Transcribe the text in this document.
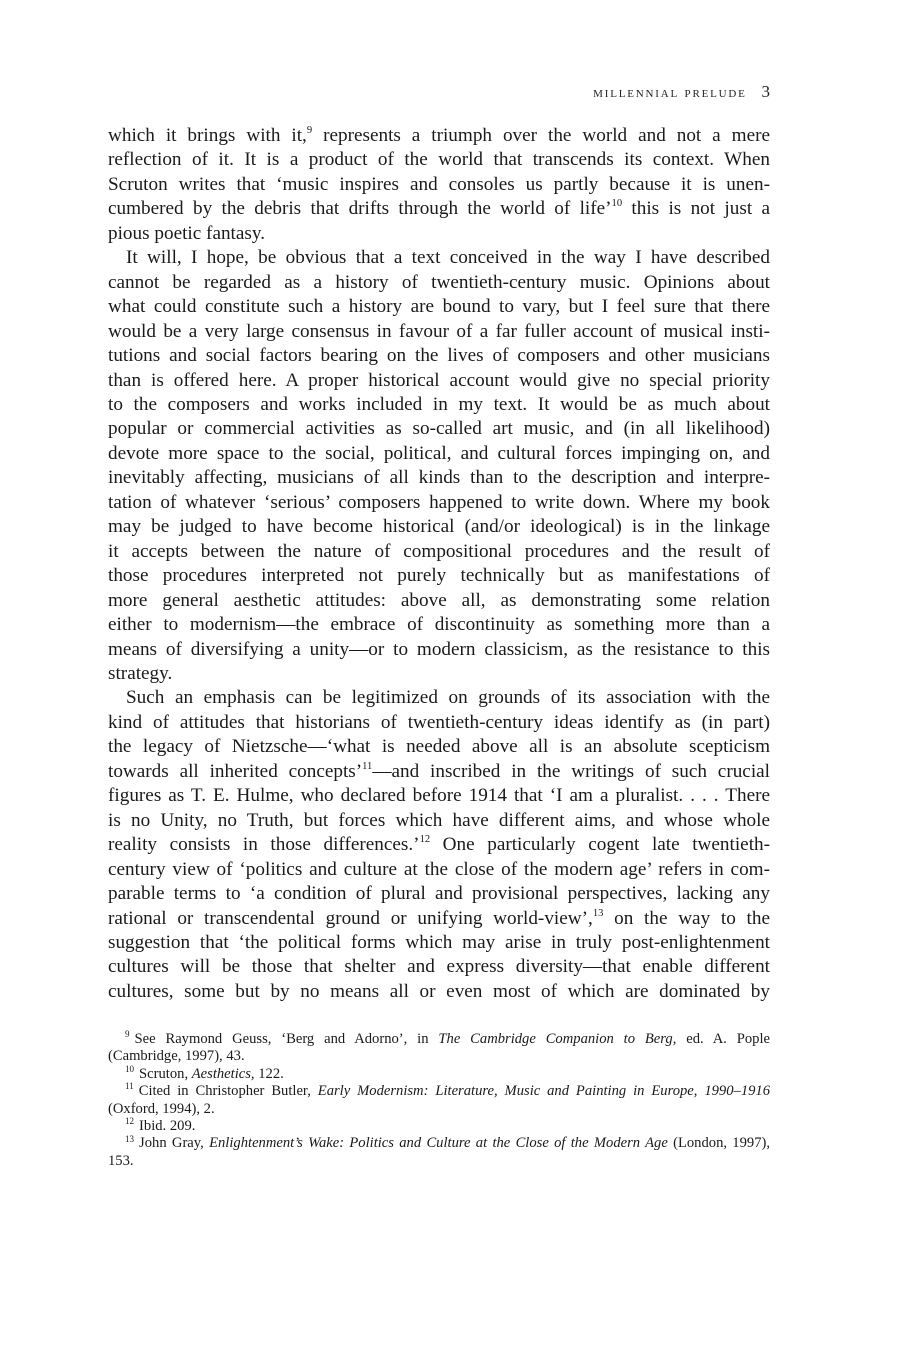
millennial prelude 3

which it brings with it,$^9$ represents a triumph over the world and not a mere
reflection of it. It is a product of the world that transcends its context. When
Scruton writes that ‘music inspires and consoles us partly because it is unen-
cumbered by the debris that drifts through the world of life’$^{10}$ this is not just a
pious poetic fantasy.

It will, I hope, be obvious that a text conceived in the way I have described
cannot be regarded as a history of twentieth-century music. Opinions about
what could constitute such a history are bound to vary, but I feel sure that there
would be a very large consensus in favour of a far fuller account of musical insti-
tutions and social factors bearing on the lives of composers and other musicians
than is offered here. A proper historical account would give no special priority
to the composers and works included in my text. It would be as much about
popular or commercial activities as so-called art music, and (in all likelihood)
devote more space to the social, political, and cultural forces impinging on, and
inevitably affecting, musicians of all kinds than to the description and interpre-
tation of whatever ‘serious’ composers happened to write down. Where my book
may be judged to have become historical (and/or ideological) is in the linkage
it accepts between the nature of compositional procedures and the result of
those procedures interpreted not purely technically but as manifestations of
more general aesthetic attitudes: above all, as demonstrating some relation
either to modernism—the embrace of discontinuity as something more than a
means of diversifying a unity—or to modern classicism, as the resistance to this
strategy.

Such an emphasis can be legitimized on grounds of its association with the
kind of attitudes that historians of twentieth-century ideas identify as (in part)
the legacy of Nietzsche—‘what is needed above all is an absolute scepticism
towards all inherited concepts’$^{11}$—and inscribed in the writings of such crucial
figures as T. E. Hulme, who declared before 1914 that ‘I am a pluralist. . . . There
is no Unity, no Truth, but forces which have different aims, and whose whole
reality consists in those differences.’$^{12}$ One particularly cogent late twentieth-
century view of ‘politics and culture at the close of the modern age’ refers in com-
parable terms to ‘a condition of plural and provisional perspectives, lacking any
rational or transcendental ground or unifying world-view’,$^{13}$ on the way to the
suggestion that ‘the political forms which may arise in truly post-enlightenment
cultures will be those that shelter and express diversity—that enable different
cultures, some but by no means all or even most of which are dominated by

$^9$ See Raymond Geuss, ‘Berg and Adorno’, in The Cambridge Companion to Berg, ed. A. Pople
(Cambridge, 1997), 43.
$^{10}$ Scruton, Aesthetics, 122.
$^{11}$ Cited in Christopher Butler, Early Modernism: Literature, Music and Painting in Europe, 1990–1916
(Oxford, 1994), 2.
$^{12}$ Ibid. 209.
$^{13}$ John Gray, Enlightenment’s Wake: Politics and Culture at the Close of the Modern Age (London, 1997),
153.
